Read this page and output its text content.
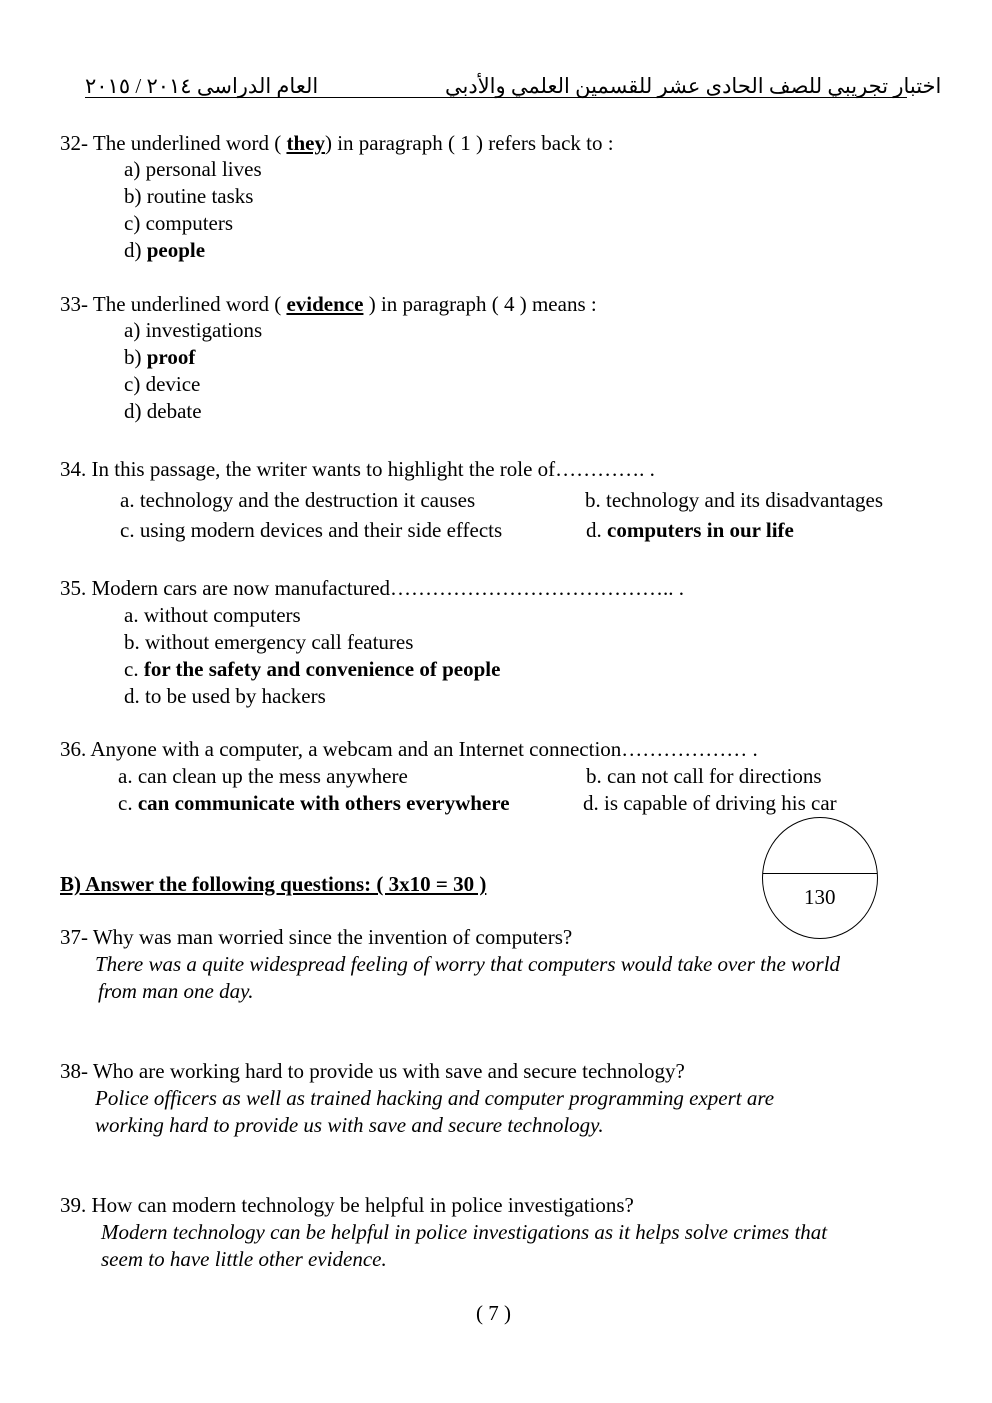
اختبار تجريبي للصف الحادى عشر للقسمين العلمي والأدبي
العام الدراسى ٢٠١٤ / ٢٠١٥
32- The underlined word ( they) in paragraph ( 1 ) refers back to :
a) personal lives
b) routine tasks
c) computers
d) people
33- The underlined word ( evidence ) in paragraph ( 4 ) means :
a) investigations
b) proof
c) device
d) debate
34. In this passage, the writer wants to highlight the role of…………. .
a. technology and the destruction it causes	b. technology and its disadvantages
c. using modern devices and their side effects	d. computers in our life
35. Modern cars are now manufactured………………………………….. .
a. without computers
b. without emergency call features
c. for the safety and convenience of people
d. to be used by hackers
36. Anyone with a computer, a webcam and an Internet connection……………… .
a. can clean up the mess anywhere	b. can not call for directions
c. can communicate with others everywhere	d. is capable of driving his car
130
B) Answer the following questions: ( 3x10 = 30 )
37- Why was man worried since the invention of computers?
There was a quite widespread feeling of worry that computers would take over the world
from man one day.
38- Who are working hard to provide us with save and secure technology?
Police officers as well as trained hacking and computer programming expert are
working hard to provide us with save and secure technology.
39. How can modern technology be helpful in police investigations?
Modern technology can be helpful in police investigations as it helps solve crimes that
seem to have little other evidence.
( 7 )
